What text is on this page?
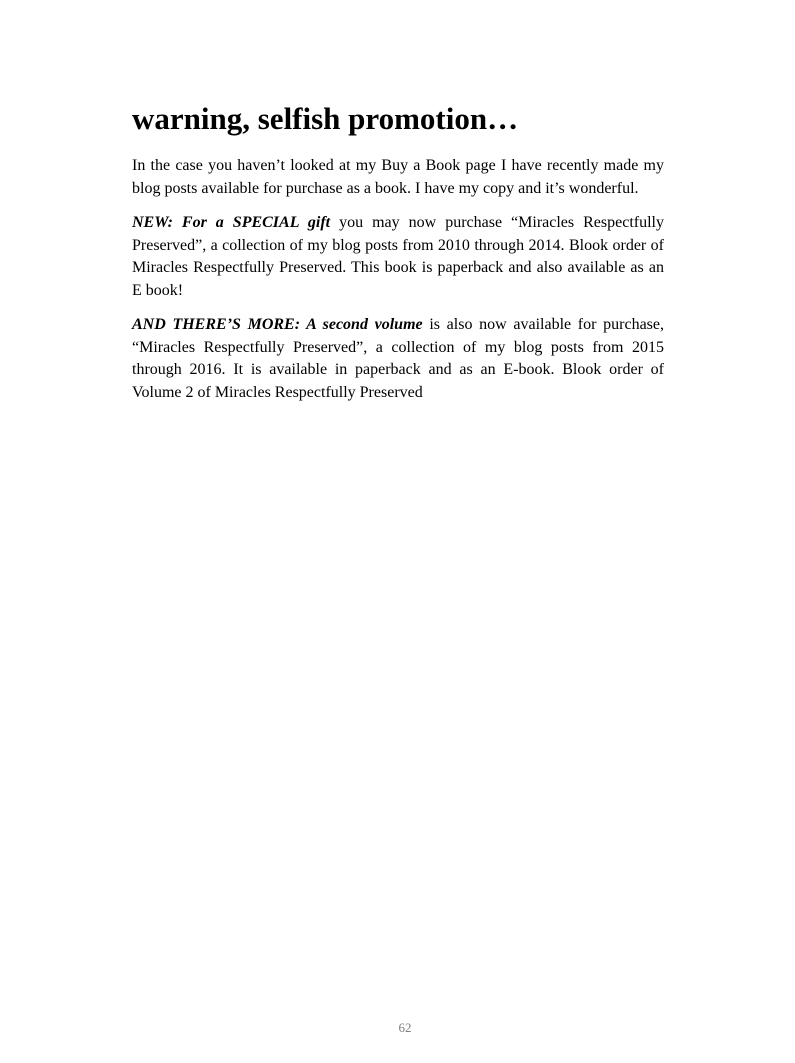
warning, selfish promotion…

In the case you haven’t looked at my Buy a Book page I have recently made my blog posts available for purchase as a book. I have my copy and it’s wonderful.

NEW: For a SPECIAL gift you may now purchase “Miracles Respectfully Preserved”, a collection of my blog posts from 2010 through 2014. Blook order of Miracles Respectfully Preserved. This book is paperback and also available as an E book!

AND THERE’S MORE: A second volume is also now available for purchase, “Miracles Respectfully Preserved”, a collection of my blog posts from 2015 through 2016. It is available in paperback and as an E-book. Blook order of Volume 2 of Miracles Respectfully Preserved

62
